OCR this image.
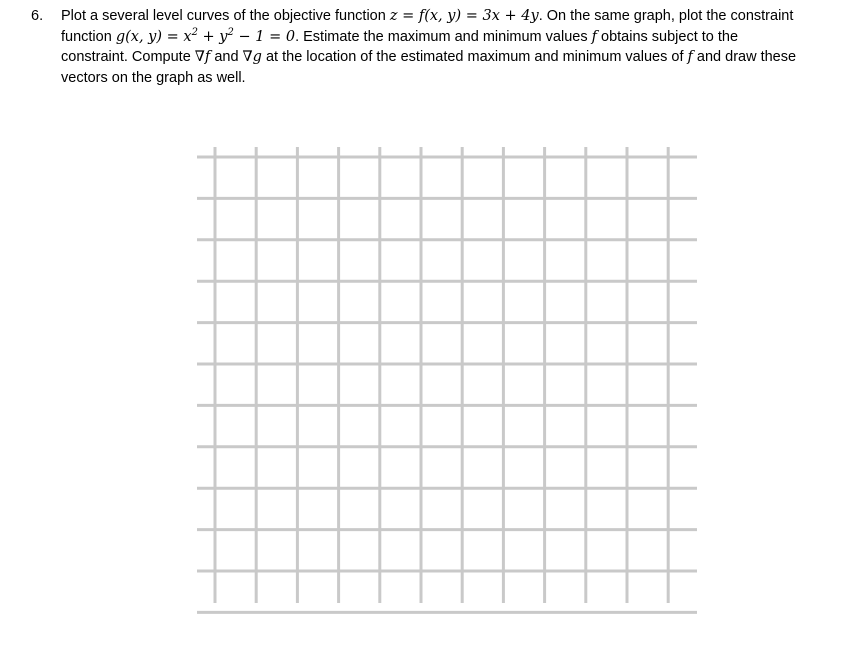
6. Plot a several level curves of the objective function z = f(x, y) = 3x + 4y. On the same graph, plot the constraint

function g(x, $y) = x^2 + y^2 - 1 = 0$. Estimate the maximum and minimum values f obtains subject to the

constraint. Compute ∇f and ∇g at the location of the estimated maximum and minimum values of f and draw these

vectors on the graph as well.
